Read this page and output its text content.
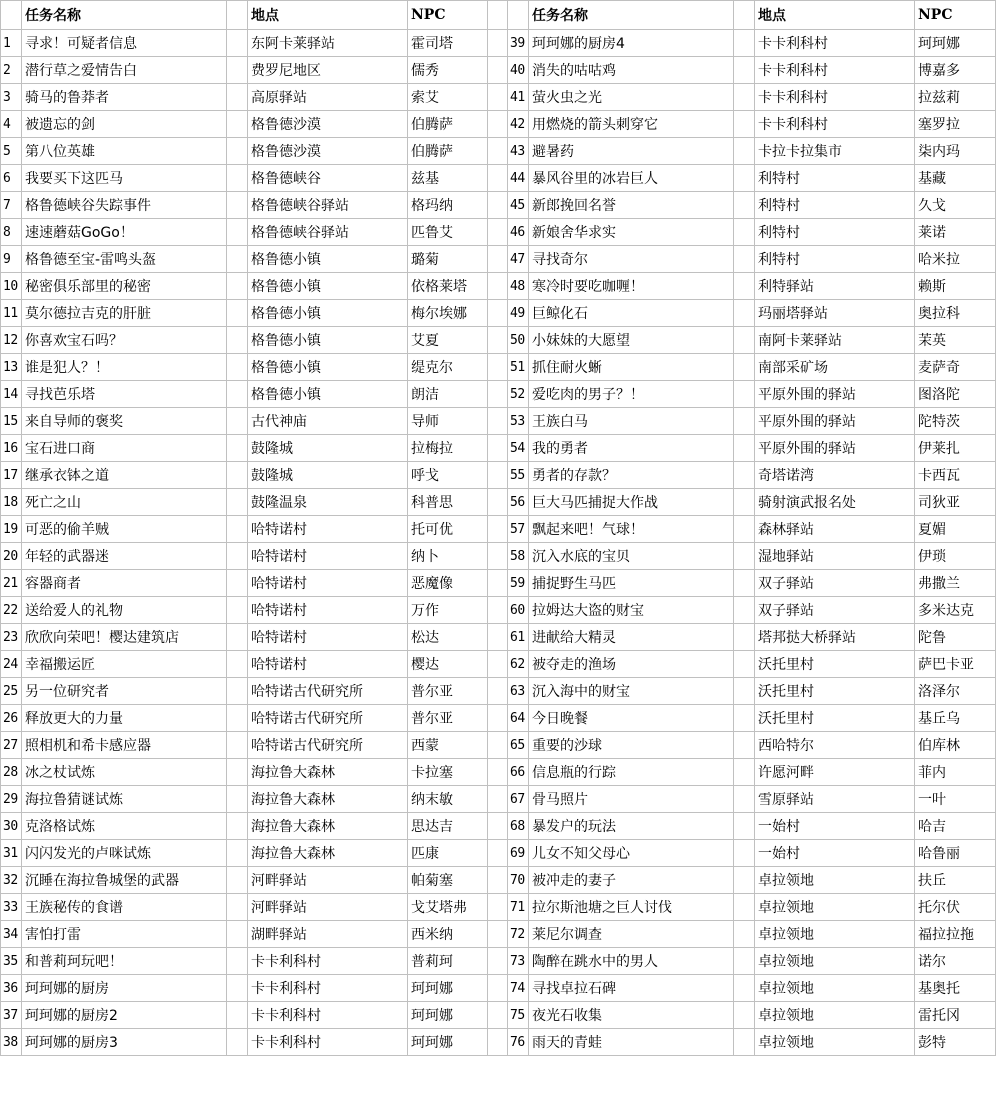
	任务名称		地点	NPC			任务名称		地点	NPC
1	寻求！可疑者信息		东阿卡莱驿站	霍司塔		39	珂珂娜的厨房4		卡卡利科村	珂珂娜
2	潜行草之爱情告白		费罗尼地区	儒秀		40	消失的咕咕鸡		卡卡利科村	博嘉多
3	骑马的鲁莽者		高原驿站	索艾		41	萤火虫之光		卡卡利科村	拉兹莉
4	被遗忘的剑		格鲁德沙漠	伯腾萨		42	用燃烧的箭头刺穿它		卡卡利科村	塞罗拉
5	第八位英雄		格鲁德沙漠	伯腾萨		43	避暑药		卡拉卡拉集市	柒内玛
6	我要买下这匹马		格鲁德峡谷	兹基		44	暴风谷里的冰岩巨人		利特村	基藏
7	格鲁德峡谷失踪事件		格鲁德峡谷驿站	格玛纳		45	新郎挽回名誉		利特村	久戈
8	速速蘑菇GoGo！		格鲁德峡谷驿站	匹鲁艾		46	新娘舍华求实		利特村	莱诺
9	格鲁德至宝-雷鸣头盔		格鲁德小镇	璐菊		47	寻找奇尔		利特村	哈米拉
10	秘密俱乐部里的秘密		格鲁德小镇	依格莱塔		48	寒冷时要吃咖喱！		利特驿站	赖斯
11	莫尔德拉吉克的肝脏		格鲁德小镇	梅尔埃娜		49	巨鲸化石		玛丽塔驿站	奥拉科
12	你喜欢宝石吗？		格鲁德小镇	艾夏		50	小妹妹的大愿望		南阿卡莱驿站	茉英
13	谁是犯人？！		格鲁德小镇	缇克尔		51	抓住耐火蜥		南部采矿场	麦萨奇
14	寻找芭乐塔		格鲁德小镇	朗洁		52	爱吃肉的男子？！		平原外围的驿站	图洛陀
15	来自导师的褒奖		古代神庙	导师		53	王族白马		平原外围的驿站	陀特茨
16	宝石进口商		鼓隆城	拉梅拉		54	我的勇者		平原外围的驿站	伊莱扎
17	继承衣钵之道		鼓隆城	呼戈		55	勇者的存款？		奇塔诺湾	卡西瓦
18	死亡之山		鼓隆温泉	科普思		56	巨大马匹捕捉大作战		骑射演武报名处	司狄亚
19	可恶的偷羊贼		哈特诺村	托可优		57	飘起来吧！气球！		森林驿站	夏媚
20	年轻的武器迷		哈特诺村	纳卜		58	沉入水底的宝贝		湿地驿站	伊琐
21	容器商者		哈特诺村	恶魔像		59	捕捉野生马匹		双子驿站	弗撒兰
22	送给爱人的礼物		哈特诺村	万作		60	拉姆达大盗的财宝		双子驿站	多米达克
23	欣欣向荣吧！樱达建筑店		哈特诺村	松达		61	进献给大精灵		塔邦挞大桥驿站	陀鲁
24	幸福搬运匠		哈特诺村	樱达		62	被夺走的渔场		沃托里村	萨巴卡亚
25	另一位研究者		哈特诺古代研究所	普尔亚		63	沉入海中的财宝		沃托里村	洛泽尔
26	释放更大的力量		哈特诺古代研究所	普尔亚		64	今日晚餐		沃托里村	基丘乌
27	照相机和希卡感应器		哈特诺古代研究所	西蒙		65	重要的沙球		西哈特尔	伯库林
28	冰之杖试炼		海拉鲁大森林	卡拉塞		66	信息瓶的行踪		许愿河畔	菲内
29	海拉鲁猜谜试炼		海拉鲁大森林	纳末敏		67	骨马照片		雪原驿站	一叶
30	克洛格试炼		海拉鲁大森林	思达吉		68	暴发户的玩法		一始村	哈吉
31	闪闪发光的卢咪试炼		海拉鲁大森林	匹康		69	儿女不知父母心		一始村	哈鲁丽
32	沉睡在海拉鲁城堡的武器		河畔驿站	帕菊塞		70	被冲走的妻子		卓拉领地	扶丘
33	王族秘传的食谱		河畔驿站	戈艾塔弗		71	拉尔斯池塘之巨人讨伐		卓拉领地	托尔伏
34	害怕打雷		湖畔驿站	西米纳		72	莱尼尔调查		卓拉领地	福拉拉拖
35	和普莉珂玩吧！		卡卡利科村	普莉珂		73	陶醉在跳水中的男人		卓拉领地	诺尔
36	珂珂娜的厨房		卡卡利科村	珂珂娜		74	寻找卓拉石碑		卓拉领地	基奥托
37	珂珂娜的厨房2		卡卡利科村	珂珂娜		75	夜光石收集		卓拉领地	雷托冈
38	珂珂娜的厨房3		卡卡利科村	珂珂娜		76	雨天的青蛙		卓拉领地	彭特
